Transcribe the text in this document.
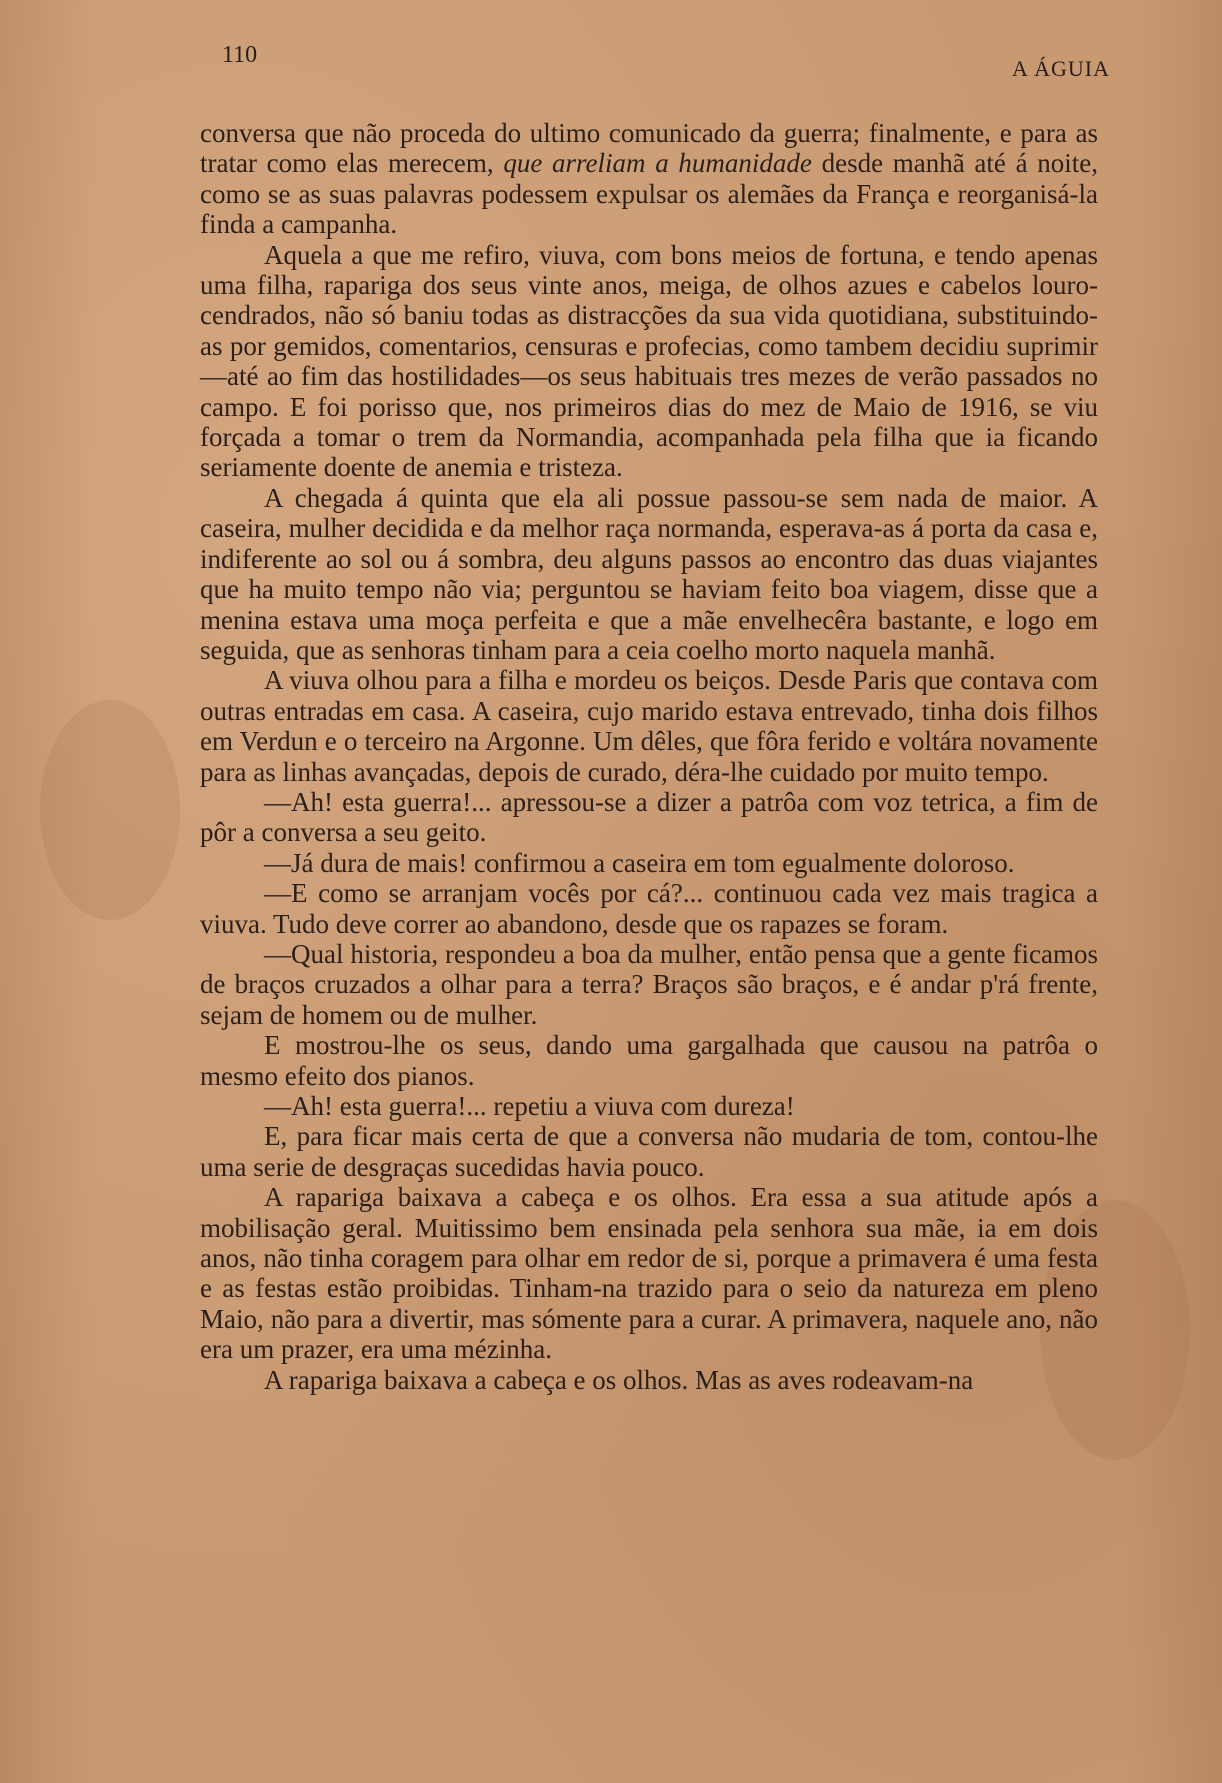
110
A ÁGUIA

conversa que não proceda do ultimo comunicado da guerra; finalmente, e para as tratar como elas merecem, que arreliam a humanidade desde manhã até á noite, como se as suas palavras podessem expulsar os alemães da França e reorganisá-la finda a campanha.

Aquela a que me refiro, viuva, com bons meios de fortuna, e tendo apenas uma filha, rapariga dos seus vinte anos, meiga, de olhos azues e cabelos louro-cendrados, não só baniu todas as distracções da sua vida quotidiana, substituindo-as por gemidos, comentarios, censuras e profecias, como tambem decidiu suprimir—até ao fim das hostilidades—os seus habituais tres mezes de verão passados no campo. E foi porisso que, nos primeiros dias do mez de Maio de 1916, se viu forçada a tomar o trem da Normandia, acompanhada pela filha que ia ficando seriamente doente de anemia e tristeza.

A chegada á quinta que ela ali possue passou-se sem nada de maior. A caseira, mulher decidida e da melhor raça normanda, esperava-as á porta da casa e, indiferente ao sol ou á sombra, deu alguns passos ao encontro das duas viajantes que ha muito tempo não via; perguntou se haviam feito boa viagem, disse que a menina estava uma moça perfeita e que a mãe envelhecêra bastante, e logo em seguida, que as senhoras tinham para a ceia coelho morto naquela manhã.

A viuva olhou para a filha e mordeu os beiços. Desde Paris que contava com outras entradas em casa. A caseira, cujo marido estava entrevado, tinha dois filhos em Verdun e o terceiro na Argonne. Um dêles, que fôra ferido e voltára novamente para as linhas avançadas, depois de curado, déra-lhe cuidado por muito tempo.

—Ah! esta guerra!... apressou-se a dizer a patrôa com voz tetrica, a fim de pôr a conversa a seu geito.

—Já dura de mais! confirmou a caseira em tom egualmente doloroso.

—E como se arranjam vocês por cá?... continuou cada vez mais tragica a viuva. Tudo deve correr ao abandono, desde que os rapazes se foram.

—Qual historia, respondeu a boa da mulher, então pensa que a gente ficamos de braços cruzados a olhar para a terra? Braços são braços, e é andar p'rá frente, sejam de homem ou de mulher.

E mostrou-lhe os seus, dando uma gargalhada que causou na patrôa o mesmo efeito dos pianos.

—Ah! esta guerra!... repetiu a viuva com dureza!

E, para ficar mais certa de que a conversa não mudaria de tom, contou-lhe uma serie de desgraças sucedidas havia pouco.

A rapariga baixava a cabeça e os olhos. Era essa a sua atitude após a mobilisação geral. Muitissimo bem ensinada pela senhora sua mãe, ia em dois anos, não tinha coragem para olhar em redor de si, porque a primavera é uma festa e as festas estão proibidas. Tinham-na trazido para o seio da natureza em pleno Maio, não para a divertir, mas sómente para a curar. A primavera, naquele ano, não era um prazer, era uma mézinha.

A rapariga baixava a cabeça e os olhos. Mas as aves rodeavam-na
